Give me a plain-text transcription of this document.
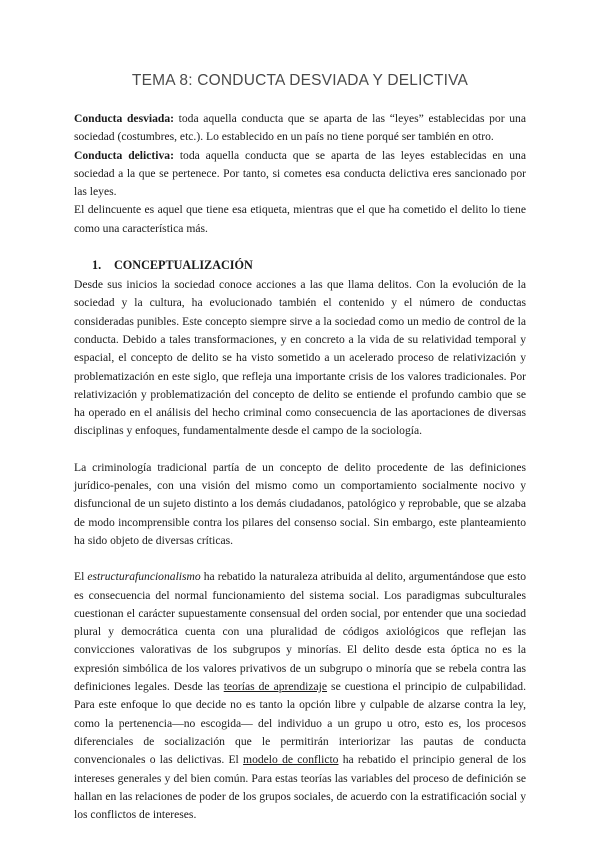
TEMA 8: CONDUCTA DESVIADA Y DELICTIVA

Conducta desviada: toda aquella conducta que se aparta de las “leyes” establecidas por una sociedad (costumbres, etc.). Lo establecido en un país no tiene porqué ser también en otro.

Conducta delictiva: toda aquella conducta que se aparta de las leyes establecidas en una sociedad a la que se pertenece. Por tanto, si cometes esa conducta delictiva eres sancionado por las leyes.

El delincuente es aquel que tiene esa etiqueta, mientras que el que ha cometido el delito lo tiene como una característica más.

1. CONCEPTUALIZACIÓN

Desde sus inicios la sociedad conoce acciones a las que llama delitos. Con la evolución de la sociedad y la cultura, ha evolucionado también el contenido y el número de conductas consideradas punibles. Este concepto siempre sirve a la sociedad como un medio de control de la conducta. Debido a tales transformaciones, y en concreto a la vida de su relatividad temporal y espacial, el concepto de delito se ha visto sometido a un acelerado proceso de relativización y problematización en este siglo, que refleja una importante crisis de los valores tradicionales. Por relativización y problematización del concepto de delito se entiende el profundo cambio que se ha operado en el análisis del hecho criminal como consecuencia de las aportaciones de diversas disciplinas y enfoques, fundamentalmente desde el campo de la sociología.

La criminología tradicional partía de un concepto de delito procedente de las definiciones jurídico-penales, con una visión del mismo como un comportamiento socialmente nocivo y disfuncional de un sujeto distinto a los demás ciudadanos, patológico y reprobable, que se alzaba de modo incomprensible contra los pilares del consenso social. Sin embargo, este planteamiento ha sido objeto de diversas críticas.

El estructurafuncionalismo ha rebatido la naturaleza atribuida al delito, argumentándose que esto es consecuencia del normal funcionamiento del sistema social. Los paradigmas subculturales cuestionan el carácter supuestamente consensual del orden social, por entender que una sociedad plural y democrática cuenta con una pluralidad de códigos axiológicos que reflejan las convicciones valorativas de los subgrupos y minorías. El delito desde esta óptica no es la expresión simbólica de los valores privativos de un subgrupo o minoría que se rebela contra las definiciones legales. Desde las teorías de aprendizaje se cuestiona el principio de culpabilidad. Para este enfoque lo que decide no es tanto la opción libre y culpable de alzarse contra la ley, como la pertenencia—no escogida— del individuo a un grupo u otro, esto es, los procesos diferenciales de socialización que le permitirán interiorizar las pautas de conducta convencionales o las delictivas. El modelo de conflicto ha rebatido el principio general de los intereses generales y del bien común. Para estas teorías las variables del proceso de definición se hallan en las relaciones de poder de los grupos sociales, de acuerdo con la estratificación social y los conflictos de intereses.
